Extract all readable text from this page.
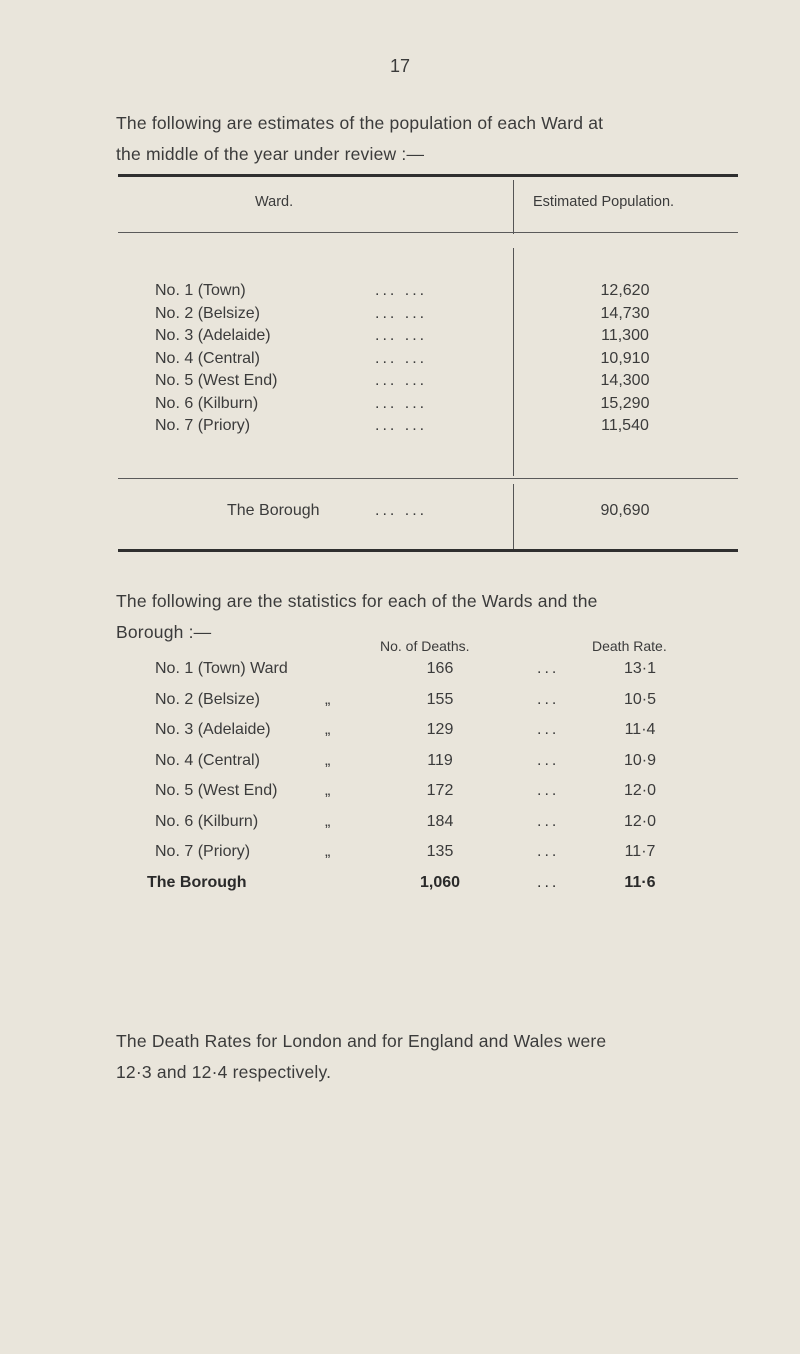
17
The following are estimates of the population of each Ward at
the middle of the year under review :—
Ward.	Estimated Population.
No. 1 (Town)	... ...	12,620
No. 2 (Belsize)	... ...	14,730
No. 3 (Adelaide)	... ...	11,300
No. 4 (Central)	... ...	10,910
No. 5 (West End)	... ...	14,300
No. 6 (Kilburn)	... ...	15,290
No. 7 (Priory)	... ...	11,540
The Borough	... ...	90,690
The following are the statistics for each of the Wards and the
Borough :—
No. of Deaths.	Death Rate.
No. 1 (Town) Ward	166	...	13·1
No. 2 (Belsize)	„	155	...	10·5
No. 3 (Adelaide)	„	129	...	11·4
No. 4 (Central)	„	119	...	10·9
No. 5 (West End)	„	172	...	12·0
No. 6 (Kilburn)	„	184	...	12·0
No. 7 (Priory)	„	135	...	11·7
The Borough	1,060	...	11·6
The Death Rates for London and for England and Wales were
12·3 and 12·4 respectively.
